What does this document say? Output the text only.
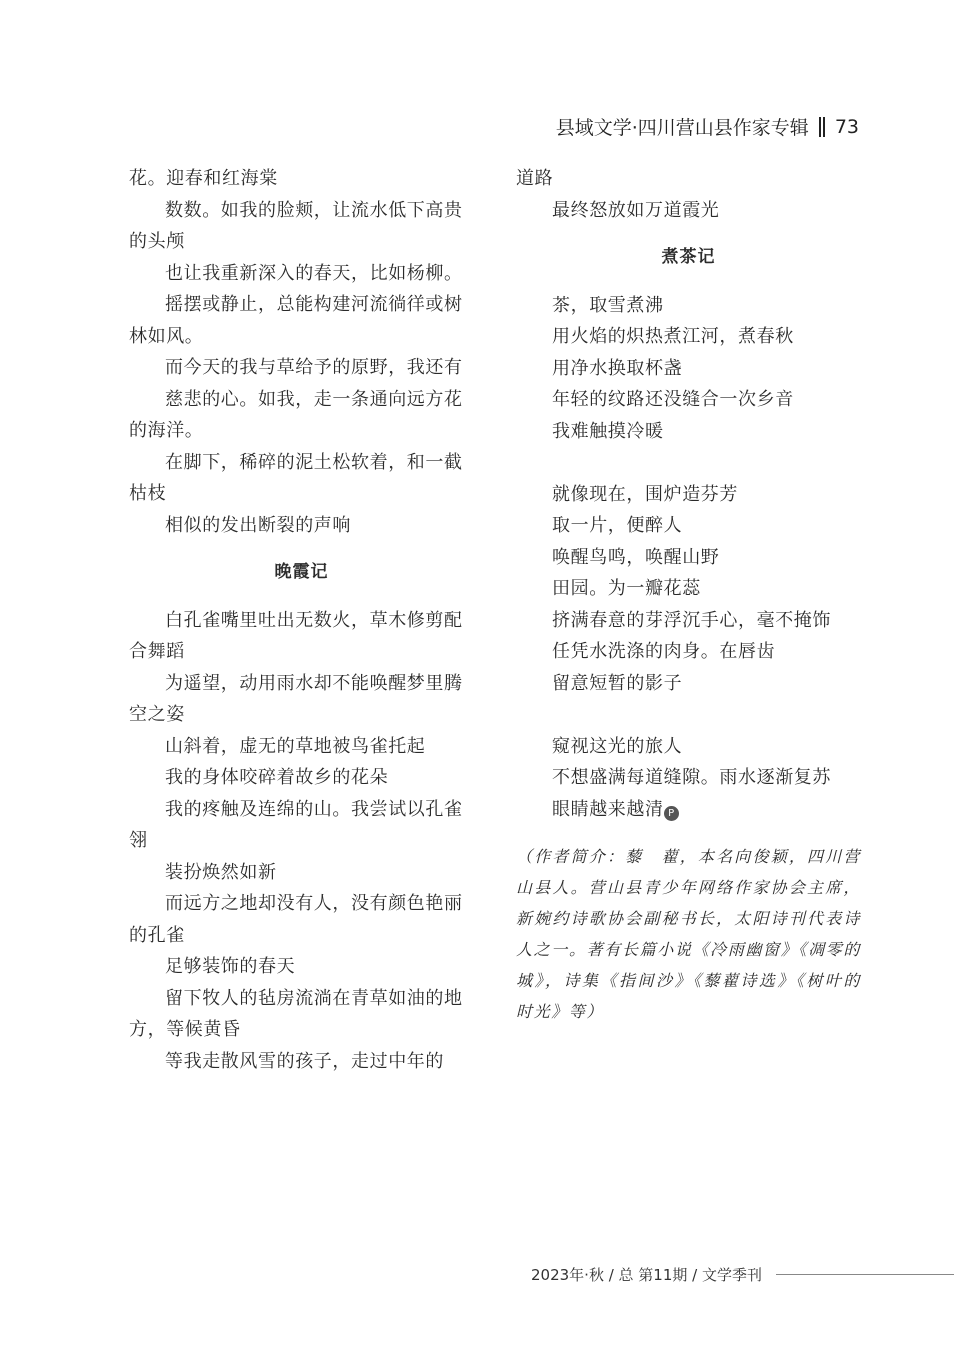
县域文学·四川营山县作家专辑 73

花。迎春和红海棠

数数。如我的脸颊，让流水低下高贵的头颅

也让我重新深入的春天，比如杨柳。

摇摆或静止，总能构建河流徜徉或树林如风。

而今天的我与草给予的原野，我还有

慈悲的心。如我，走一条通向远方花的海洋。

在脚下，稀碎的泥土松软着，和一截枯枝

相似的发出断裂的声响

晚霞记

白孔雀嘴里吐出无数火，草木修剪配合舞蹈

为遥望，动用雨水却不能唤醒梦里腾空之姿

山斜着，虚无的草地被鸟雀托起

我的身体咬碎着故乡的花朵

我的疼触及连绵的山。我尝试以孔雀翎

装扮焕然如新

而远方之地却没有人，没有颜色艳丽的孔雀

足够装饰的春天

留下牧人的毡房流淌在青草如油的地方，等候黄昏

等我走散风雪的孩子，走过中年的

道路

最终怒放如万道霞光

煮茶记

茶，取雪煮沸

用火焰的炽热煮江河，煮春秋

用净水换取杯盏

年轻的纹路还没缝合一次乡音

我难触摸冷暖

就像现在，围炉造芬芳

取一片，便醉人

唤醒鸟鸣，唤醒山野

田园。为一瓣花蕊

挤满春意的芽浮沉手心，毫不掩饰

任凭水洗涤的肉身。在唇齿

留意短暂的影子

窥视这光的旅人

不想盛满每道缝隙。雨水逐渐复苏

眼睛越来越清 P

（作者简介：藜　藋，本名向俊颖，四川营山县人。营山县青少年网络作家协会主席，新婉约诗歌协会副秘书长，太阳诗刊代表诗人之一。著有长篇小说《冷雨幽窗》《凋零的城》，诗集《指间沙》《藜藋诗选》《树叶的时光》等）
2023年·秋 / 总 第11期 / 文学季刊
